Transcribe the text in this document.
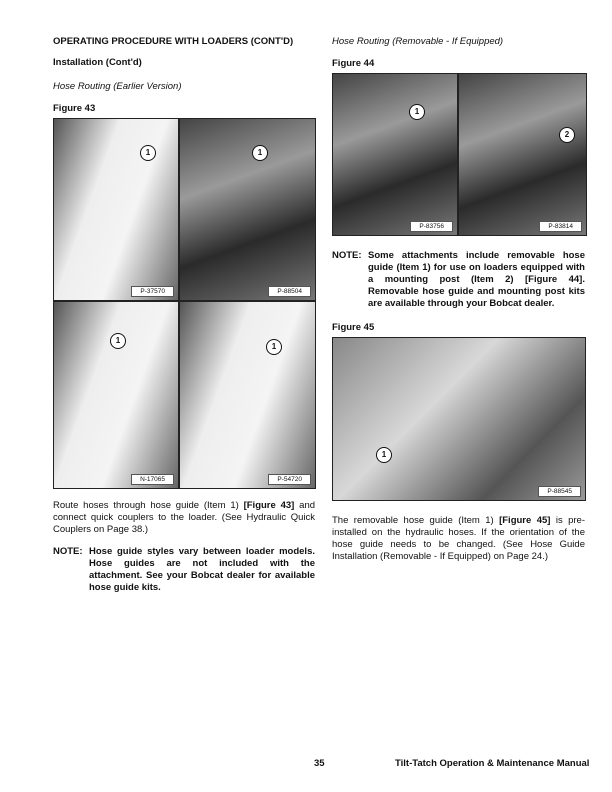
OPERATING PROCEDURE WITH LOADERS (CONT'D)
Installation (Cont'd)
Hose Routing (Earlier Version)
Figure 43
1
P-37570
1
P-88504
1
N-17065
1
P-54720
Route hoses through hose guide (Item 1) [Figure 43] and connect quick couplers to the loader. (See Hydraulic Quick Couplers on Page 38.)
NOTE: Hose guide styles vary between loader models. Hose guides are not included with the attachment. See your Bobcat dealer for available hose guide kits.
Hose Routing (Removable - If Equipped)
Figure 44
1
P-83756
2
P-83814
NOTE: Some attachments include removable hose guide (Item 1) for use on loaders equipped with a mounting post (Item 2) [Figure 44]. Removable hose guide and mounting post kits are available through your Bobcat dealer.
Figure 45
1
P-88545
The removable hose guide (Item 1) [Figure 45] is pre-installed on the hydraulic hoses. If the orientation of the hose guide needs to be changed. (See Hose Guide Installation (Removable - If Equipped) on Page 24.)
35	Tilt-Tatch Operation & Maintenance Manual
